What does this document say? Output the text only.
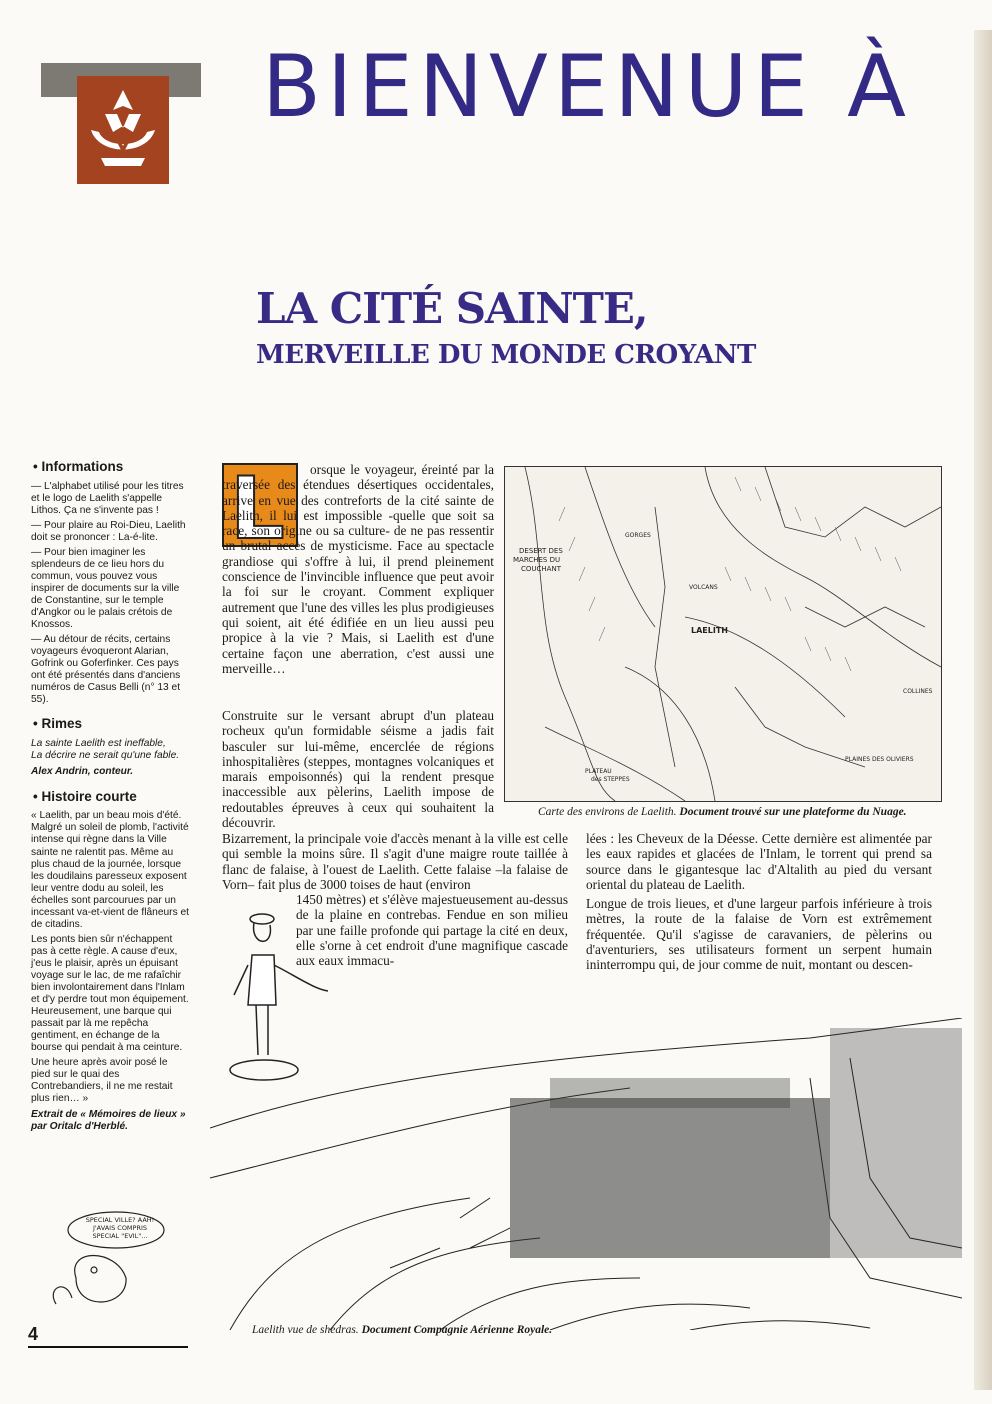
BIENVENUE À
LA CITÉ SAINTE,
MERVEILLE DU MONDE CROYANT

• Informations

— L'alphabet utilisé pour les titres et le logo de Laelith s'appelle Lithos. Ça ne s'invente pas !

— Pour plaire au Roi-Dieu, Laelith doit se prononcer : La-é-lite.

— Pour bien imaginer les splendeurs de ce lieu hors du commun, vous pouvez vous inspirer de documents sur la ville de Constantine, sur le temple d'Angkor ou le palais crétois de Knossos.

— Au détour de récits, certains voyageurs évoqueront Alarian, Gofrink ou Goferfinker. Ces pays ont été présentés dans d'anciens numéros de Casus Belli (n° 13 et 55).

• Rimes

La sainte Laelith est ineffable,

La décrire ne serait qu'une fable.

Alex Andrin, conteur.

• Histoire courte

« Laelith, par un beau mois d'été. Malgré un soleil de plomb, l'activité intense qui règne dans la Ville sainte ne ralentit pas. Même au plus chaud de la journée, lorsque les doudilains paresseux exposent leur ventre dodu au soleil, les échelles sont parcourues par un incessant va-et-vient de flâneurs et de citadins.

Les ponts bien sûr n'échappent pas à cette règle. A cause d'eux, j'eus le plaisir, après un épuisant voyage sur le lac, de me rafaîchir bien involontairement dans l'Inlam et d'y perdre tout mon équipement. Heureusement, une barque qui passait par là me repêcha gentiment, en échange de la bourse qui pendait à ma ceinture.

Une heure après avoir posé le pied sur le quai des Contrebandiers, il ne me restait plus rien… »

Extrait de « Mémoires de lieux » par Oritalc d'Herblé.

L	orsque le voyageur, éreinté par la traversée des étendues désertiques occidentales, arrive en vue des contreforts de la cité sainte de Laelith, il lui est impossible -quelle que soit sa race, son origine ou sa culture- de ne pas ressentir un brutal accès de mysticisme. Face au spectacle grandiose qui s'offre à lui, il prend pleinement conscience de l'invincible influence que peut avoir la foi sur le croyant. Comment expliquer autrement que l'une des villes les plus prodigieuses qui soient, ait été édifiée en un lieu aussi peu propice à la vie ? Mais, si Laelith est d'une certaine façon une aberration, c'est aussi une merveille…

Construite sur le versant abrupt d'un plateau rocheux qu'un formidable séisme a jadis fait basculer sur lui-même, encerclée de régions inhospitalières (steppes, montagnes volcaniques et marais empoisonnés) qui la rendent presque inaccessible aux pèlerins, Laelith impose de redoutables épreuves à ceux qui souhaitent la découvrir.

DESERT DES
MARCHES DU
COUCHANT
LAELITH
VOLCANS
GORGES
COLLINES
PLATEAU
des STEPPES
PLAINES DES OLIVIERS

Carte des environs de Laelith. Document trouvé sur une plateforme du Nuage.

Bizarrement, la principale voie d'accès menant à la ville est celle qui semble la moins sûre. Il s'agit d'une maigre route taillée à flanc de falaise, à l'ouest de Laelith. Cette falaise –la falaise de Vorn– fait plus de 3000 toises de haut (environ

1450 mètres) et s'élève majestueusement au-dessus de la plaine en contrebas. Fendue en son milieu par une faille profonde qui partage la cité en deux, elle s'orne à cet endroit d'une magnifique cascade aux eaux immacu-

lées : les Cheveux de la Déesse. Cette dernière est alimentée par les eaux rapides et glacées de l'Inlam, le torrent qui prend sa source dans le gigantesque lac d'Altalith au pied du versant oriental du plateau de Laelith.

Longue de trois lieues, et d'une largeur parfois inférieure à trois mètres, la route de la falaise de Vorn est extrêmement fréquentée. Qu'il s'agisse de caravaniers, de pèlerins ou d'aventuriers, ses utilisateurs forment un serpent humain ininterrompu qui, de jour comme de nuit, montant ou descen-

Laelith vue de shedras. Document Compagnie Aérienne Royale.

SPECIAL VILLE? AAH! J'AVAIS COMPRIS SPECIAL "EVIL"...

4
